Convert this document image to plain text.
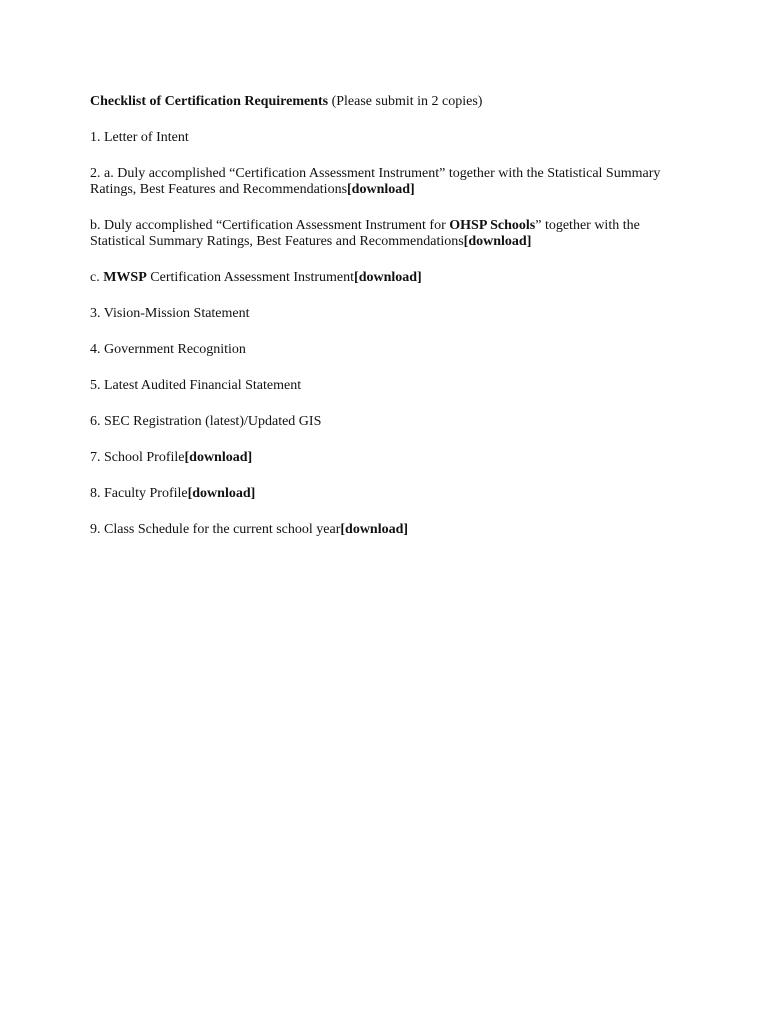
Checklist of Certification Requirements (Please submit in 2 copies)

1. Letter of Intent

2. a. Duly accomplished “Certification Assessment Instrument” together with the Statistical Summary Ratings, Best Features and Recommendations[download]

b. Duly accomplished “Certification Assessment Instrument for OHSP Schools” together with the Statistical Summary Ratings, Best Features and Recommendations[download]

c. MWSP Certification Assessment Instrument[download]

3. Vision-Mission Statement

4. Government Recognition

5. Latest Audited Financial Statement

6. SEC Registration (latest)/Updated GIS

7. School Profile[download]

8. Faculty Profile[download]

9. Class Schedule for the current school year[download]
